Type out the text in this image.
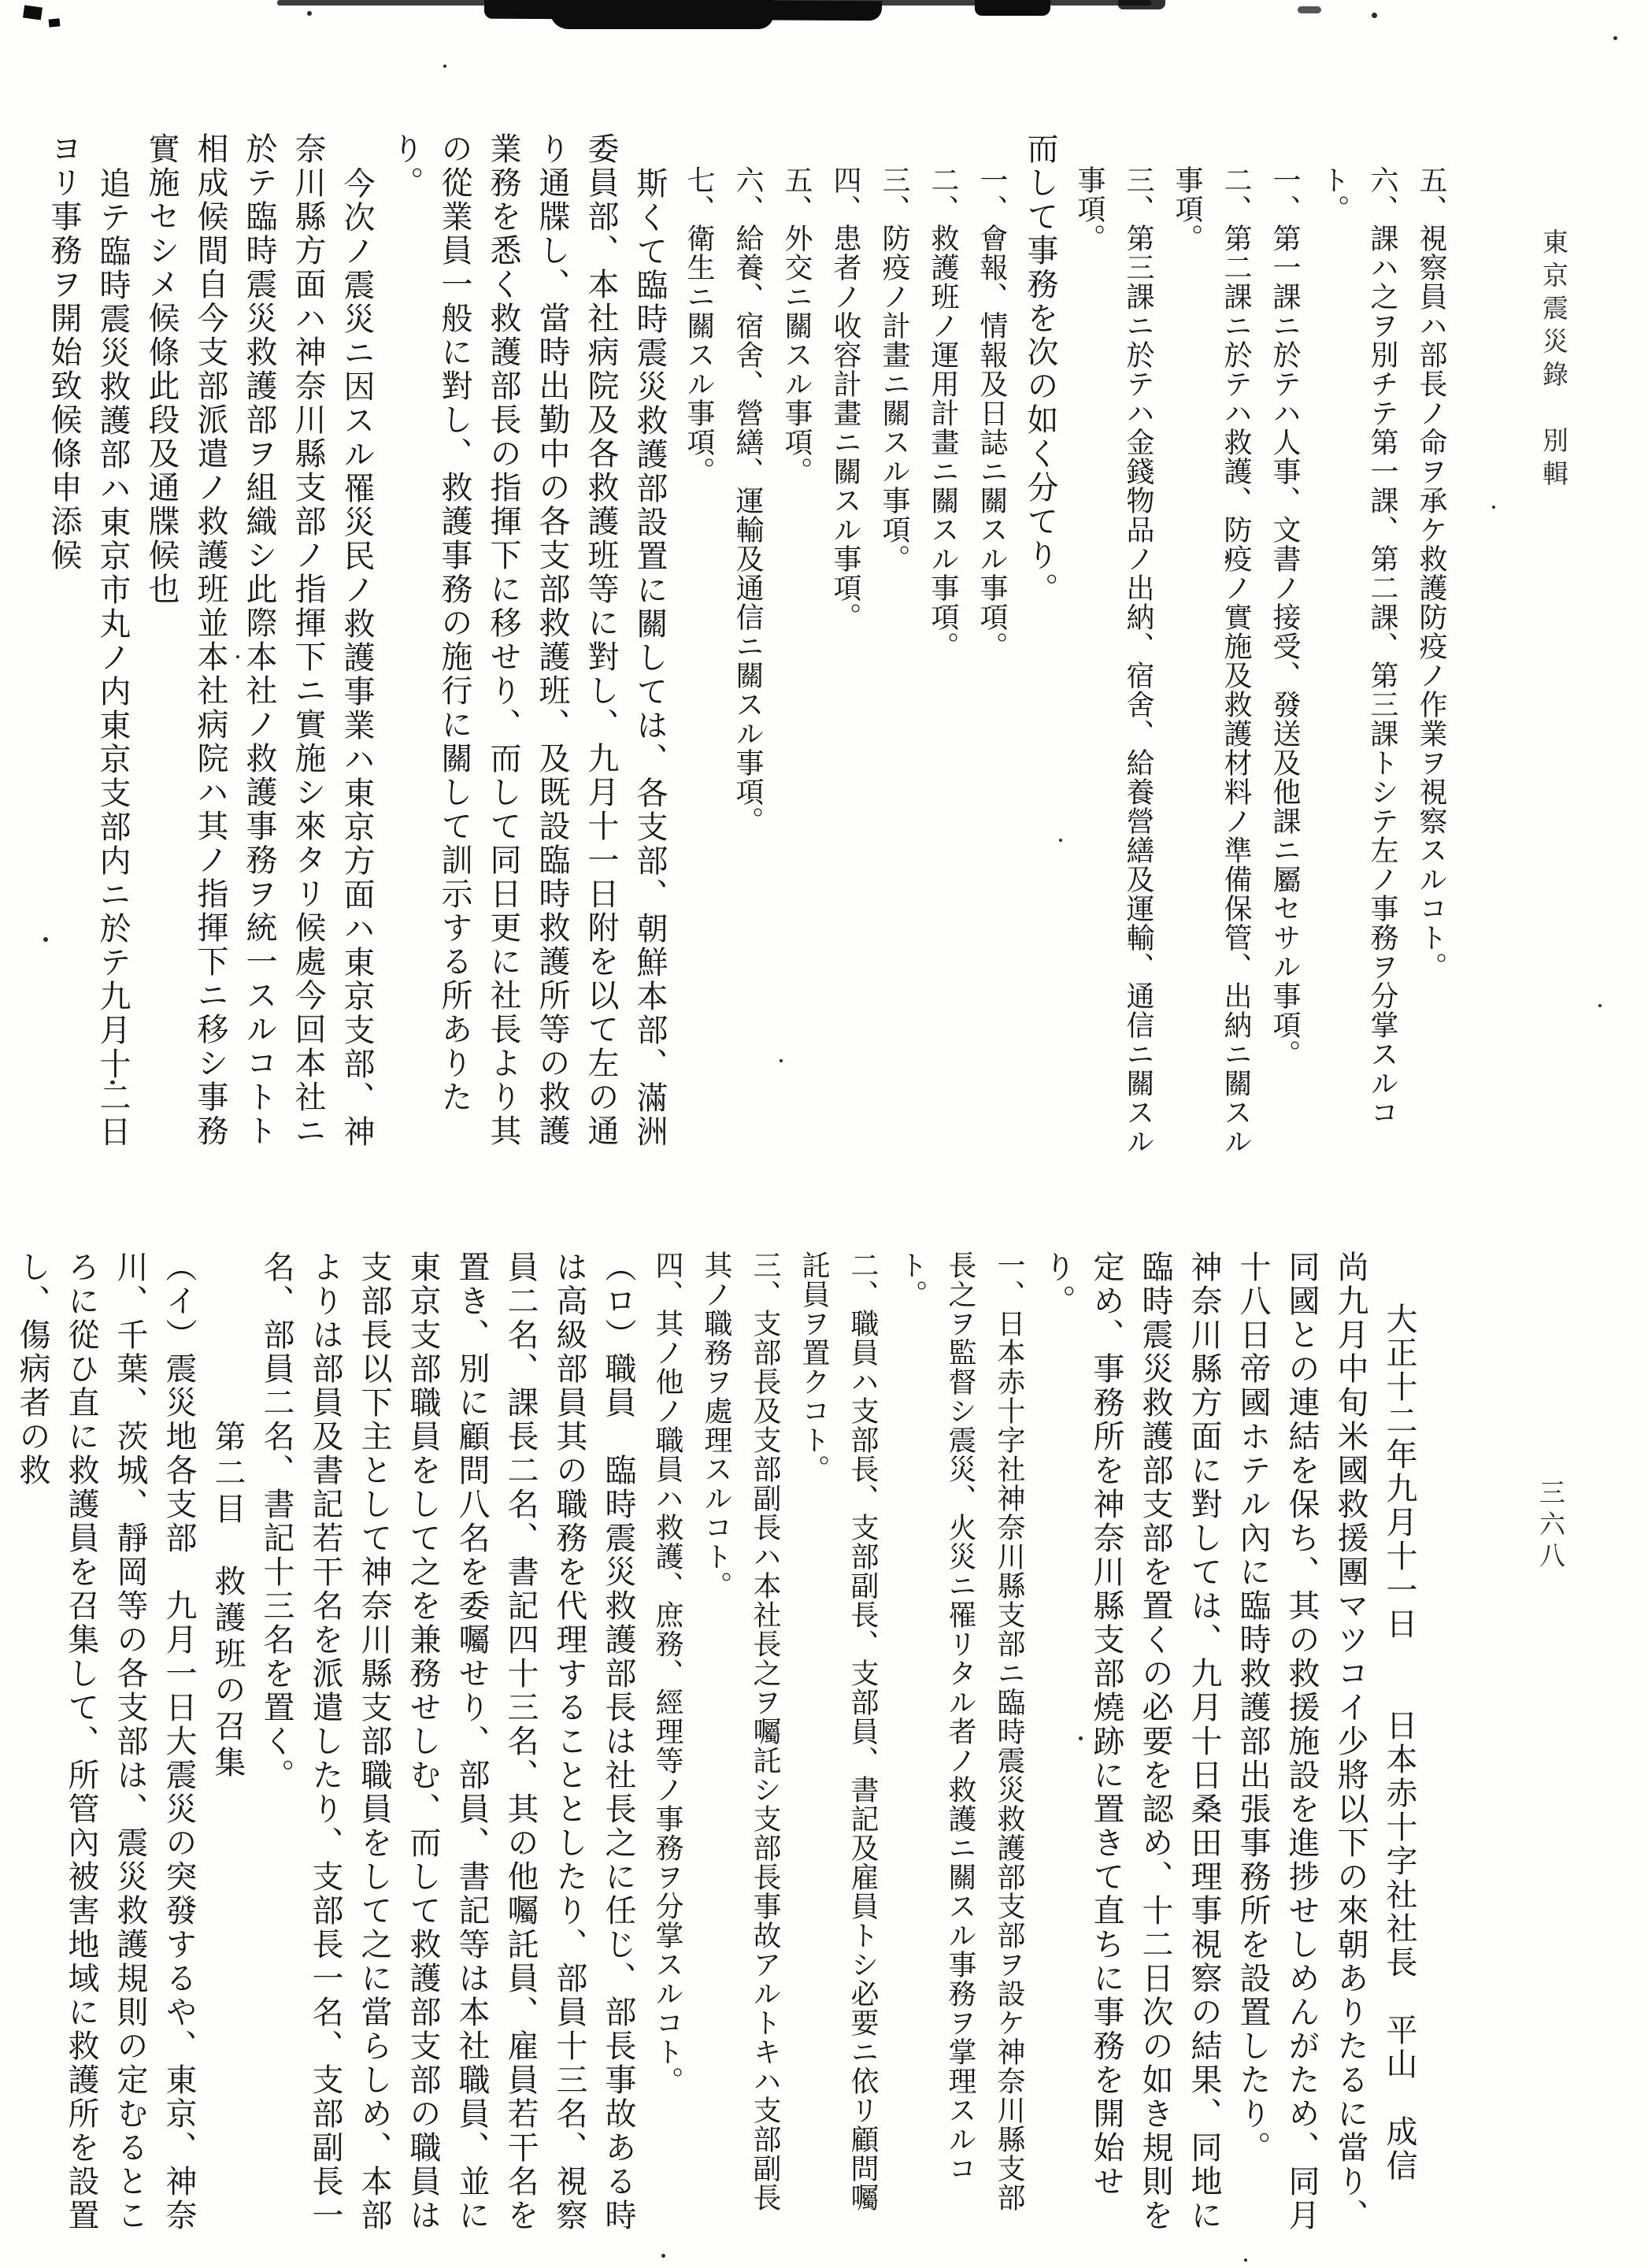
東京震災錄　別輯
三六八
五、視察員ハ部長ノ命ヲ承ケ救護防疫ノ作業ヲ視察スルコト。
六、課ハ之ヲ別チテ第一課、第二課、第三課トシテ左ノ事務ヲ分掌スルコト。
一、第一課ニ於テハ人事、文書ノ接受、發送及他課ニ屬セサル事項。
二、第二課ニ於テハ救護、防疫ノ實施及救護材料ノ準備保管、出納ニ關スル事項。
三、第三課ニ於テハ金錢物品ノ出納、宿舍、給養營繕及運輸、通信ニ關スル事項。
而して事務を次の如く分てり。
一、會報、情報及日誌ニ關スル事項。
二、救護班ノ運用計畫ニ關スル事項。
三、防疫ノ計畫ニ關スル事項。
四、患者ノ收容計畫ニ關スル事項。
五、外交ニ關スル事項。
六、給養、宿舍、營繕、運輸及通信ニ關スル事項。
七、衛生ニ關スル事項。
斯くて臨時震災救護部設置に關しては、各支部、朝鮮本部、滿洲委員部、本社病院及各救護班等に對し、九月十一日附を以て左の通り通牒し、當時出勤中の各支部救護班、及既設臨時救護所等の救護業務を悉く救護部長の指揮下に移せり、而して同日更に社長より其の從業員一般に對し、救護事務の施行に關して訓示する所ありたり。
今次ノ震災ニ因スル罹災民ノ救護事業ハ東京方面ハ東京支部、神奈川縣方面ハ神奈川縣支部ノ指揮下ニ實施シ來タリ候處今回本社ニ於テ臨時震災救護部ヲ組織シ此際本社ノ救護事務ヲ統一スルコトト相成候間自今支部派遣ノ救護班並本社病院ハ其ノ指揮下ニ移シ事務實施セシメ候條此段及通牒候也
追テ臨時震災救護部ハ東京市丸ノ内東京支部内ニ於テ九月十二日ヨリ事務ヲ開始致候條申添候
大正十二年九月十一日　　日本赤十字社社長　平山　成信
尚九月中旬米國救援團マツコイ少將以下の來朝ありたるに當り、同國との連結を保ち、其の救援施設を進捗せしめんがため、同月十八日帝國ホテル內に臨時救護部出張事務所を設置したり。
神奈川縣方面に對しては、九月十日桑田理事視察の結果、同地に臨時震災救護部支部を置くの必要を認め、十二日次の如き規則を定め、事務所を神奈川縣支部燒跡に置きて直ちに事務を開始せり。
一、日本赤十字社神奈川縣支部ニ臨時震災救護部支部ヲ設ケ神奈川縣支部長之ヲ監督シ震災、火災ニ罹リタル者ノ救護ニ關スル事務ヲ掌理スルコト。
二、職員ハ支部長、支部副長、支部員、書記及雇員トシ必要ニ依リ顧問囑託員ヲ置クコト。
三、支部長及支部副長ハ本社長之ヲ囑託シ支部長事故アルトキハ支部副長其ノ職務ヲ處理スルコト。
四、其ノ他ノ職員ハ救護、庶務、經理等ノ事務ヲ分掌スルコト。
（ロ）職員　臨時震災救護部長は社長之に任じ、部長事故ある時は高級部員其の職務を代理することとしたり、部員十三名、視察員二名、課長二名、書記四十三名、其の他囑託員、雇員若干名を置き、別に顧問八名を委囑せり、部員、書記等は本社職員、並に東京支部職員をして之を兼務せしむ、而して救護部支部の職員は支部長以下主として神奈川縣支部職員をして之に當らしめ、本部よりは部員及書記若干名を派遣したり、支部長一名、支部副長一名、部員二名、書記十三名を置く。
第二目　救護班の召集
（イ）震災地各支部　九月一日大震災の突發するや、東京、神奈川、千葉、茨城、靜岡等の各支部は、震災救護規則の定むるところに從ひ直に救護員を召集して、所管內被害地域に救護所を設置し、傷病者の救
